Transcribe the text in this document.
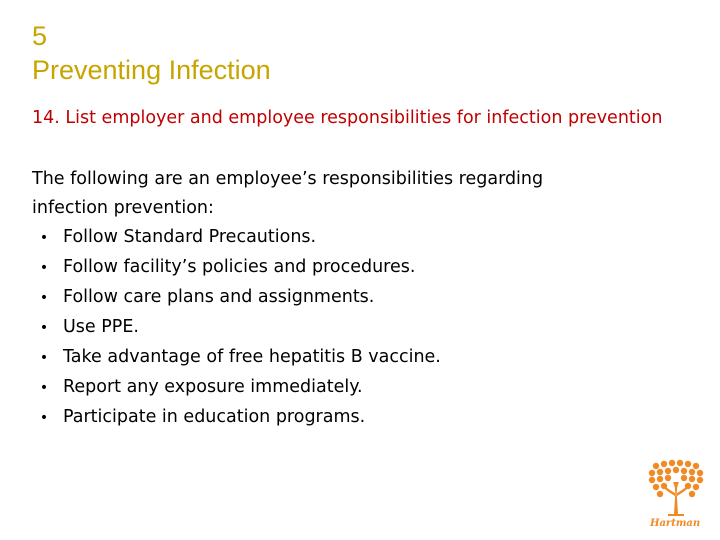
5
Preventing Infection
14. List employer and employee responsibilities for infection prevention
The following are an employee’s responsibilities regarding
infection prevention:
• Follow Standard Precautions.
• Follow facility’s policies and procedures.
• Follow care plans and assignments.
• Use PPE.
• Take advantage of free hepatitis B vaccine.
• Report any exposure immediately.
• Participate in education programs.
Hartman
